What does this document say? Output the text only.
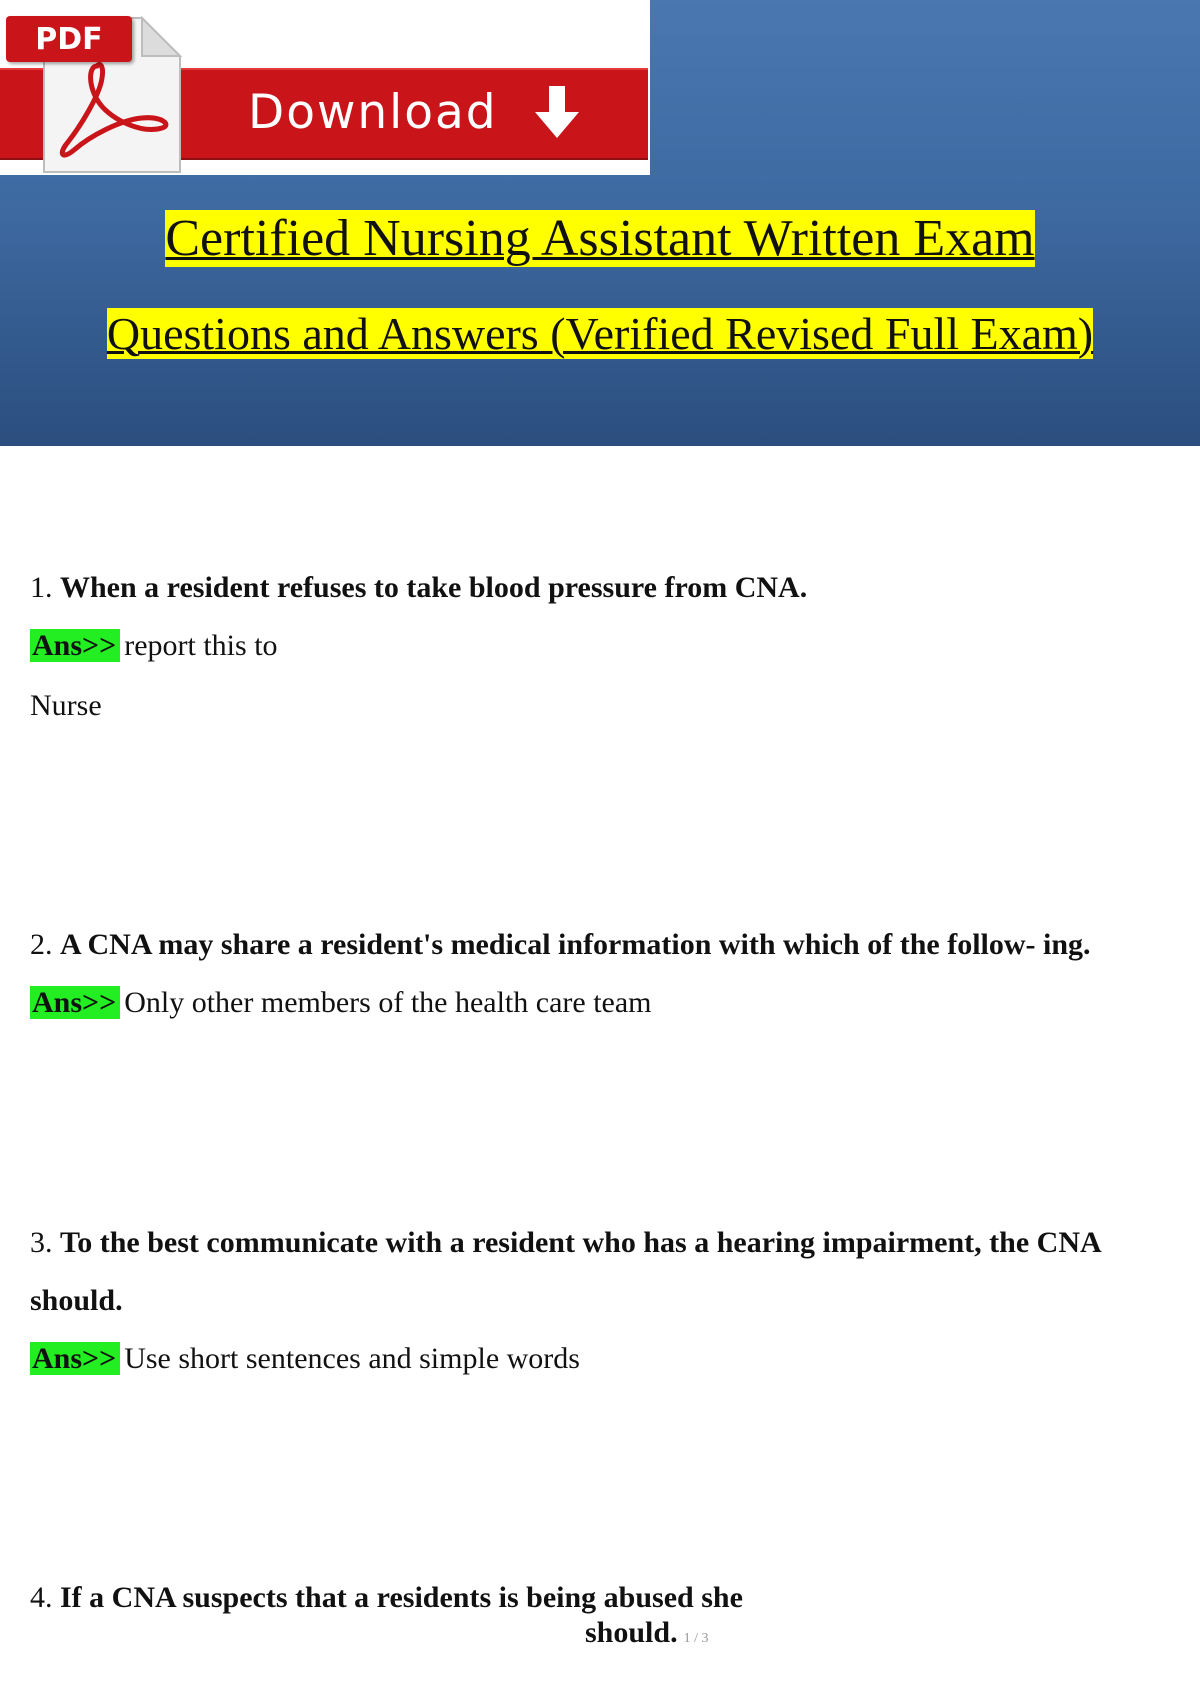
Download
PDF
Certified Nursing Assistant Written Exam
Questions and Answers (Verified Revised Full Exam)
1. When a resident refuses to take blood pressure from CNA.
Ans>> report this to
Nurse
2. A CNA may share a resident's medical information with which of the follow- ing.
Ans>> Only other members of the health care team
3. To the best communicate with a resident who has a hearing impairment, the CNA
should.
Ans>> Use short sentences and simple words
4. If a CNA suspects that a residents is being abused she
should. 1 / 3
